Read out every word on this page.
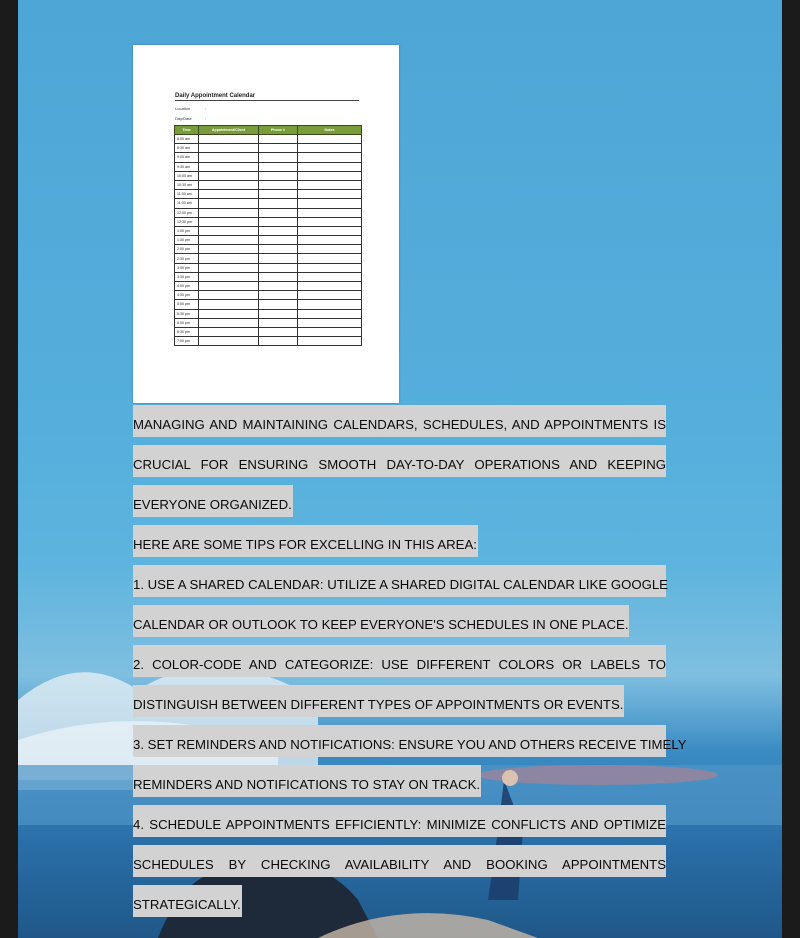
Daily Appointment Calendar
Location	:
Day/Date	:
Time	Appointment/Client	Phone #	Notes
8:00 am			
8:30 am			
9:00 am			
9:30 am			
10:00 am			
10:30 am			
11:00 am			
11:30 am			
12:00 pm			
12:30 pm			
1:00 pm			
1:30 pm			
2:00 pm			
2:30 pm			
3:00 pm			
3:30 pm			
4:00 pm			
4:30 pm			
5:00 pm			
5:30 pm			
6:00 pm			
6:30 pm			
7:00 pm			
MANAGING AND MAINTAINING CALENDARS, SCHEDULES, AND APPOINTMENTS IS
CRUCIAL FOR ENSURING SMOOTH DAY-TO-DAY OPERATIONS AND KEEPING
EVERYONE ORGANIZED.
HERE ARE SOME TIPS FOR EXCELLING IN THIS AREA:
1. USE A SHARED CALENDAR: UTILIZE A SHARED DIGITAL CALENDAR LIKE GOOGLE
CALENDAR OR OUTLOOK TO KEEP EVERYONE'S SCHEDULES IN ONE PLACE.
2. COLOR-CODE AND CATEGORIZE: USE DIFFERENT COLORS OR LABELS TO
DISTINGUISH BETWEEN DIFFERENT TYPES OF APPOINTMENTS OR EVENTS.
3. SET REMINDERS AND NOTIFICATIONS: ENSURE YOU AND OTHERS RECEIVE TIMELY
REMINDERS AND NOTIFICATIONS TO STAY ON TRACK.
4. SCHEDULE APPOINTMENTS EFFICIENTLY: MINIMIZE CONFLICTS AND OPTIMIZE
SCHEDULES BY CHECKING AVAILABILITY AND BOOKING APPOINTMENTS
STRATEGICALLY.
